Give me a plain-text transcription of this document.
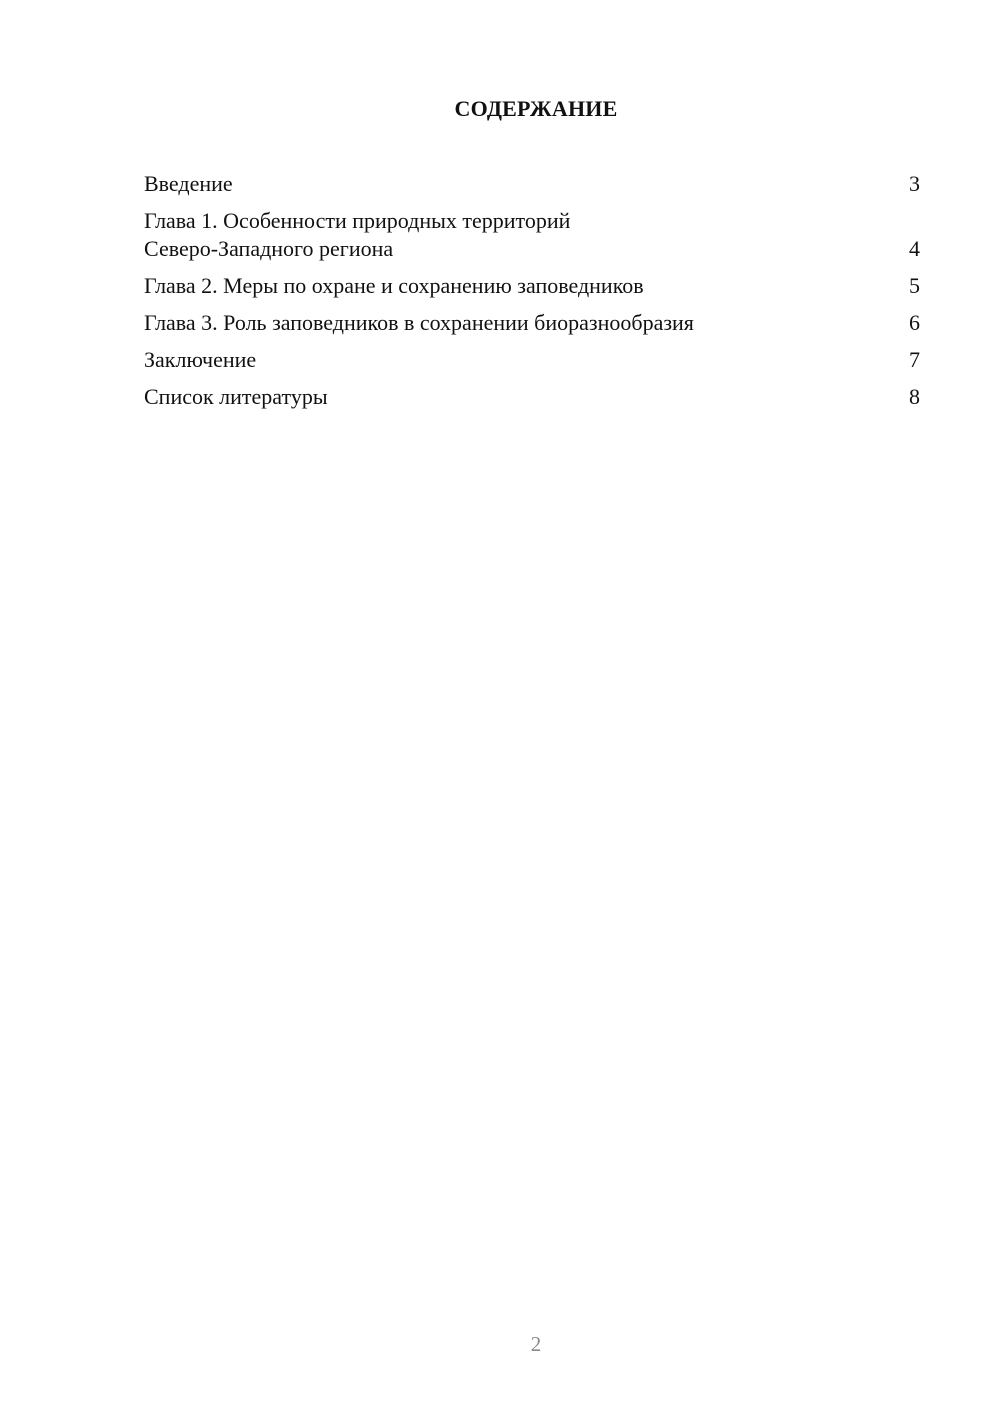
СОДЕРЖАНИЕ
Введение	3
Глава 1. Особенности природных территорий
Северо-Западного региона	4
Глава 2. Меры по охране и сохранению заповедников	5
Глава 3. Роль заповедников в сохранении биоразнообразия	6
Заключение	7
Список литературы	8
2
